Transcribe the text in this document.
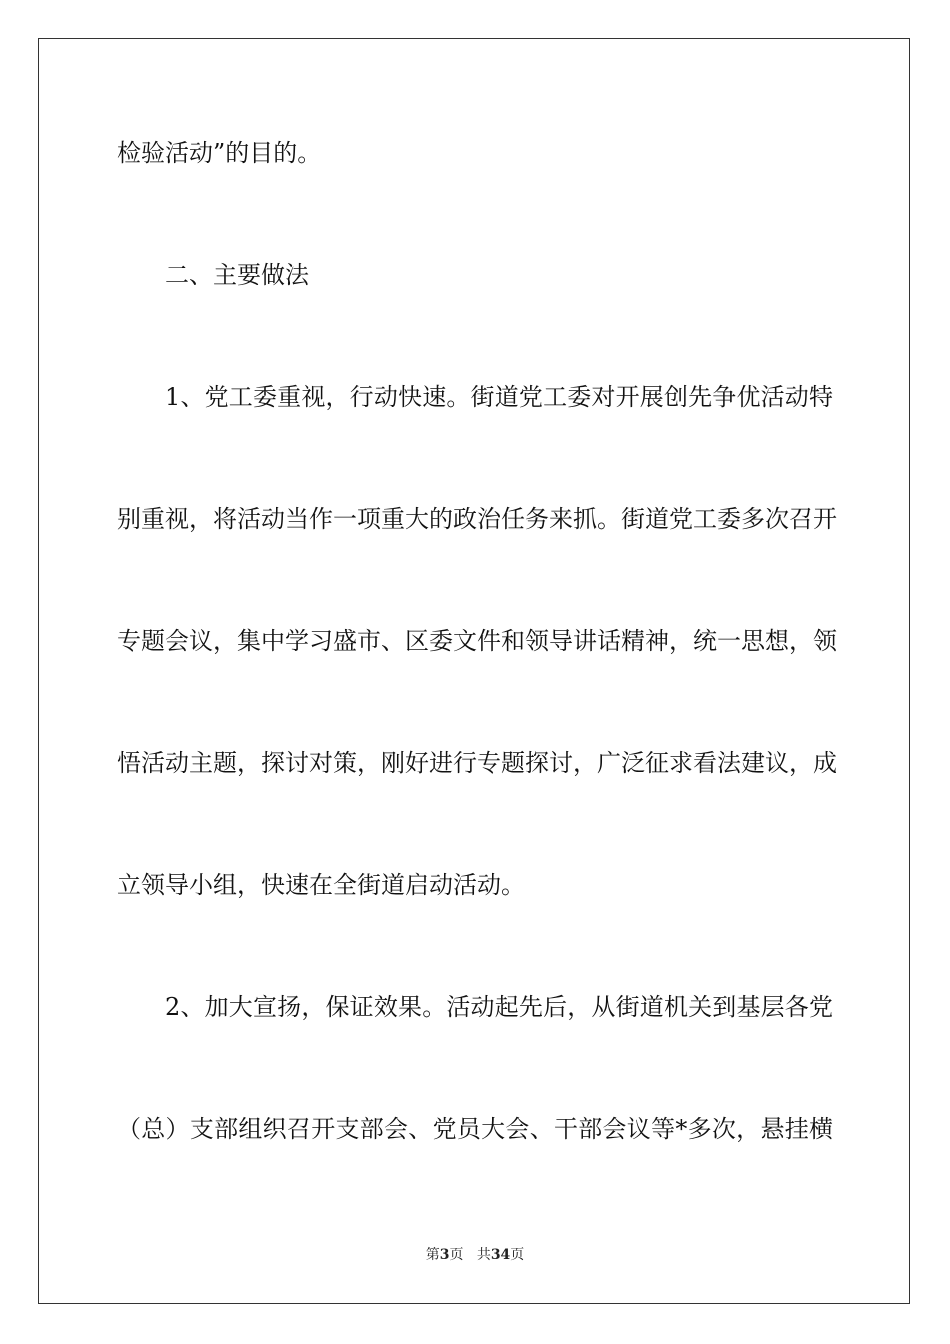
检验活动”的目的。
二、主要做法
1、党工委重视，行动快速。街道党工委对开展创先争优活动特
别重视，将活动当作一项重大的政治任务来抓。街道党工委多次召开
专题会议，集中学习盛市、区委文件和领导讲话精神，统一思想，领
悟活动主题，探讨对策，刚好进行专题探讨，广泛征求看法建议，成
立领导小组，快速在全街道启动活动。
2、加大宣扬，保证效果。活动起先后，从街道机关到基层各党
（总）支部组织召开支部会、党员大会、干部会议等*多次，悬挂横
第3页 共34页
